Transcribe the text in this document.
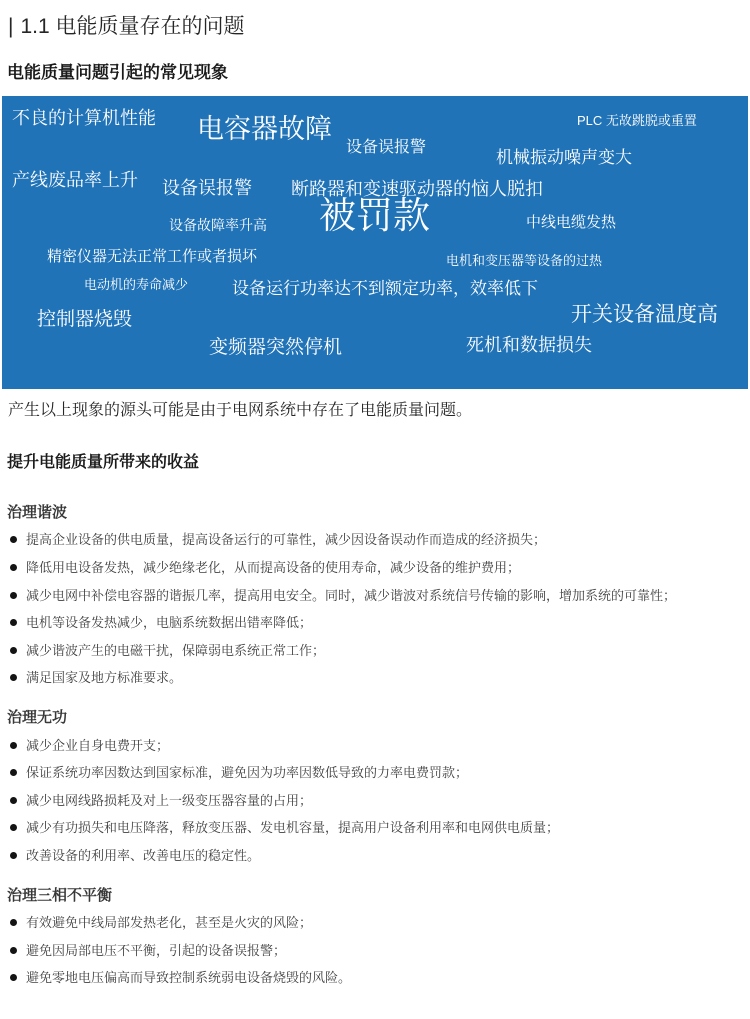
| 1.1 电能质量存在的问题
电能质量问题引起的常见现象
不良的计算机性能 电容器故障	PLC 无故跳脱或重置
设备误报警
机械振动噪声变大
产线废品率上升 设备误报警 断路器和变速驱动器的恼人脱扣
被罚款
设备故障率升高	中线电缆发热
精密仪器无法正常工作或者损坏	电机和变压器等设备的过热
电动机的寿命减少	设备运行功率达不到额定功率，效率低下
控制器烧毁	开关设备温度高
变频器突然停机	死机和数据损失

产生以上现象的源头可能是由于电网系统中存在了电能质量问题。

提升电能质量所带来的收益
治理谐波
提高企业设备的供电质量，提高设备运行的可靠性，减少因设备误动作而造成的经济损失；
降低用电设备发热，减少绝缘老化，从而提高设备的使用寿命，减少设备的维护费用；
减少电网中补偿电容器的谐振几率，提高用电安全。同时，减少谐波对系统信号传输的影响，增加系统的可靠性；
电机等设备发热减少，电脑系统数据出错率降低；
减少谐波产生的电磁干扰，保障弱电系统正常工作；
满足国家及地方标准要求。
治理无功
减少企业自身电费开支；
保证系统功率因数达到国家标准，避免因为功率因数低导致的力率电费罚款；
减少电网线路损耗及对上一级变压器容量的占用；
减少有功损失和电压降落，释放变压器、发电机容量，提高用户设备利用率和电网供电质量；
改善设备的利用率、改善电压的稳定性。
治理三相不平衡
有效避免中线局部发热老化，甚至是火灾的风险；
避免因局部电压不平衡，引起的设备误报警；
避免零地电压偏高而导致控制系统弱电设备烧毁的风险。
